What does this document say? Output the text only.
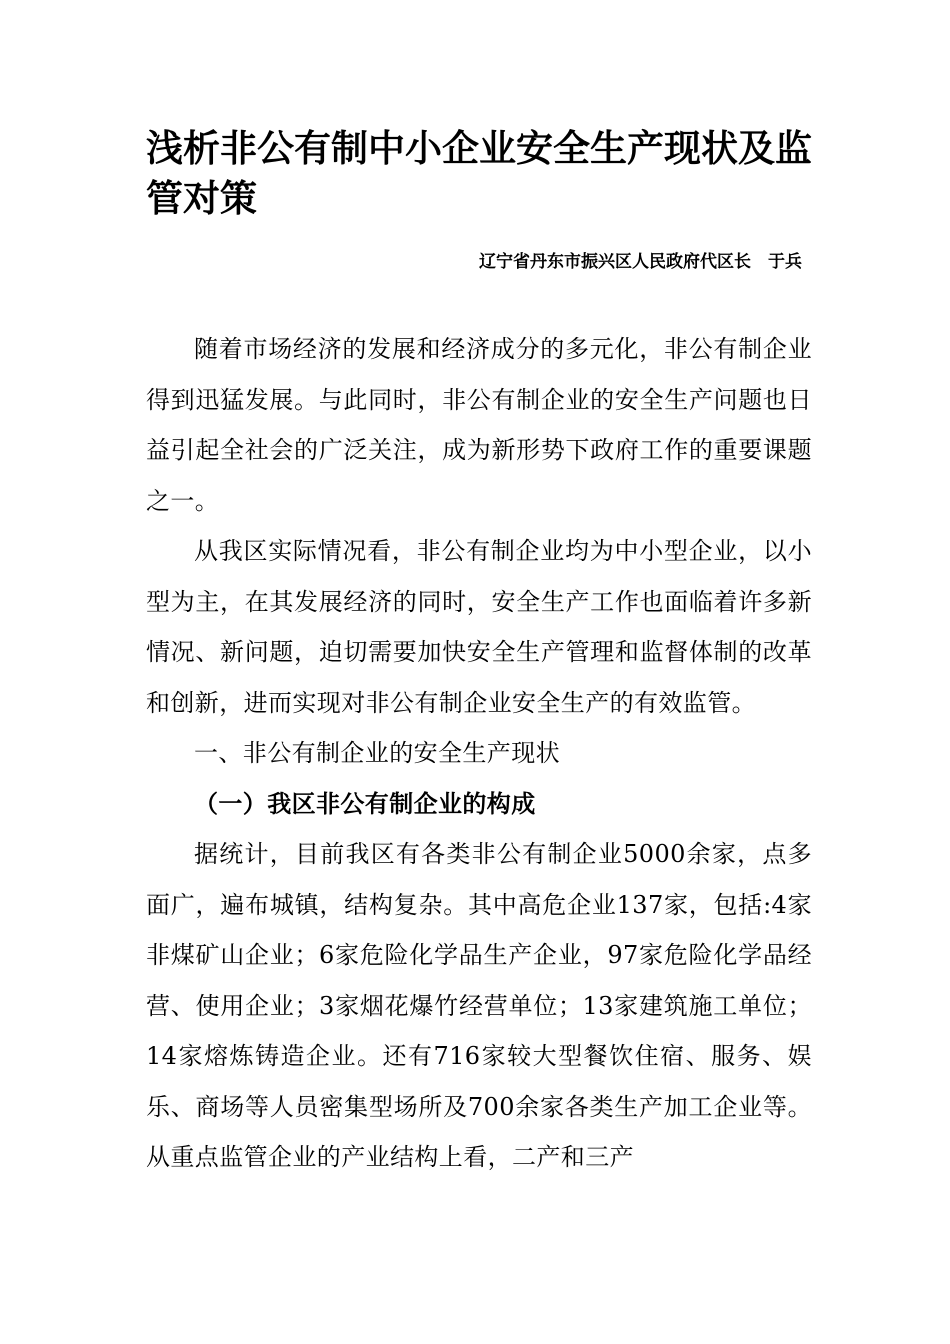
浅析非公有制中小企业安全生产现状及监管对策
辽宁省丹东市振兴区人民政府代区长　于兵

随着市场经济的发展和经济成分的多元化，非公有制企业得到迅猛发展。与此同时，非公有制企业的安全生产问题也日益引起全社会的广泛关注，成为新形势下政府工作的重要课题之一。

从我区实际情况看，非公有制企业均为中小型企业，以小型为主，在其发展经济的同时，安全生产工作也面临着许多新情况、新问题，迫切需要加快安全生产管理和监督体制的改革和创新，进而实现对非公有制企业安全生产的有效监管。

一、非公有制企业的安全生产现状

（一）我区非公有制企业的构成

据统计，目前我区有各类非公有制企业5000余家，点多面广，遍布城镇，结构复杂。其中高危企业137家，包括:4家非煤矿山企业；6家危险化学品生产企业，97家危险化学品经营、使用企业；3家烟花爆竹经营单位；13家建筑施工单位；14家熔炼铸造企业。还有716家较大型餐饮住宿、服务、娱乐、商场等人员密集型场所及700余家各类生产加工企业等。从重点监管企业的产业结构上看，二产和三产
